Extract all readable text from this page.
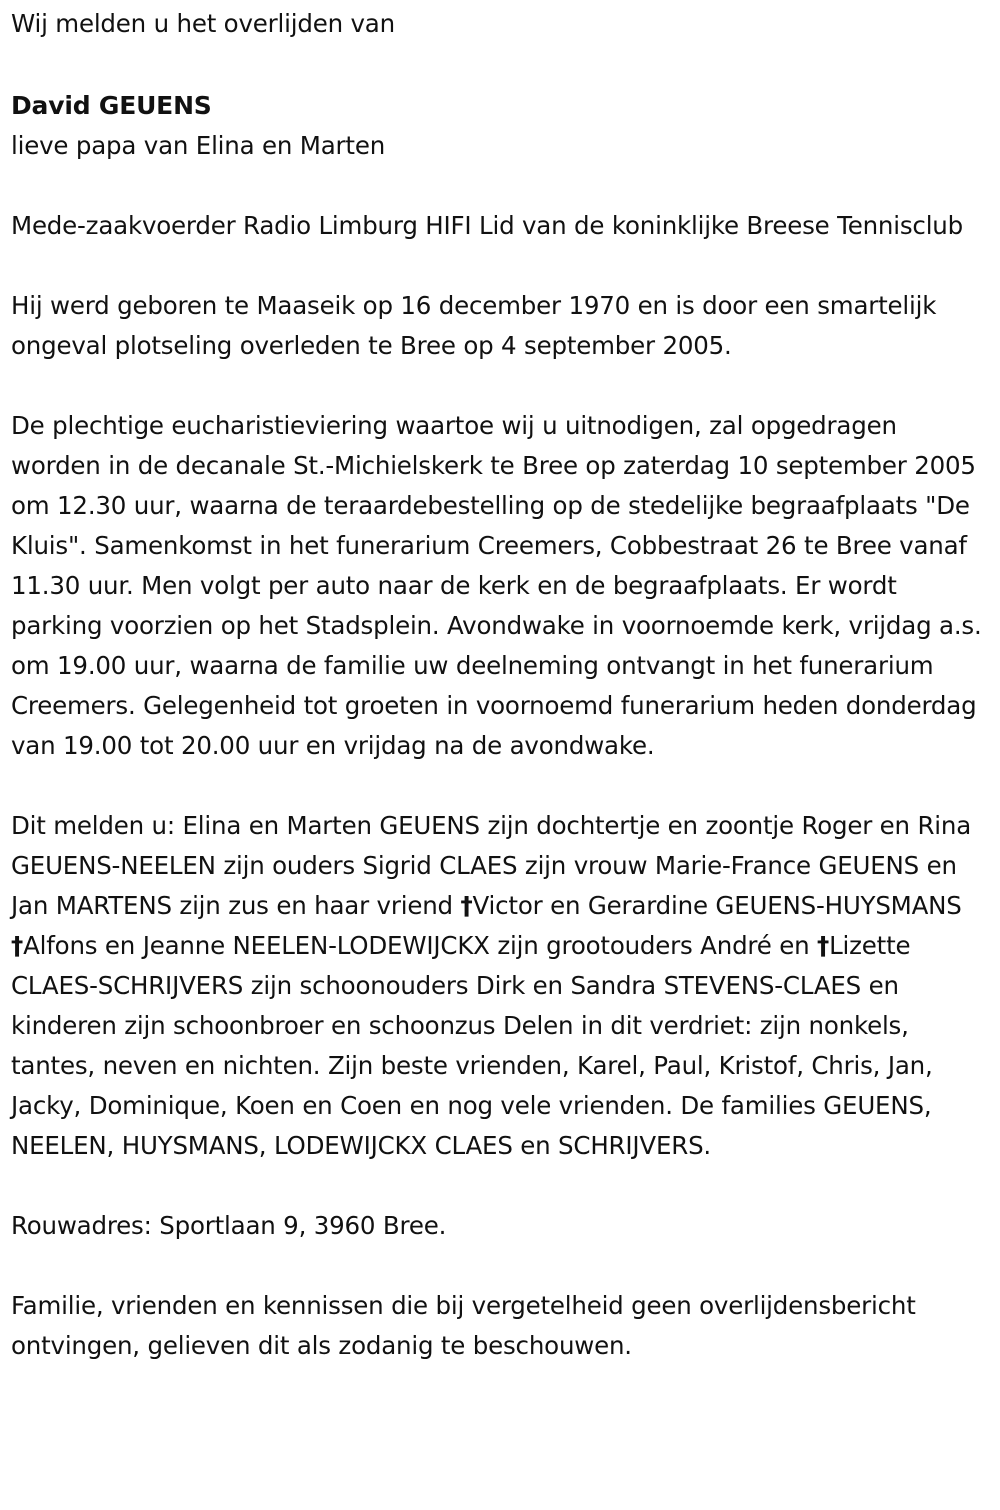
Wij melden u het overlijden van

David GEUENS

lieve papa van Elina en Marten

Mede-zaakvoerder Radio Limburg HIFI Lid van de koninklijke Breese Tennisclub

Hij werd geboren te Maaseik op 16 december 1970 en is door een smartelijk ongeval plotseling overleden te Bree op 4 september 2005.

De plechtige eucharistieviering waartoe wij u uitnodigen, zal opgedragen worden in de decanale St.-Michielskerk te Bree op zaterdag 10 september 2005 om 12.30 uur, waarna de teraardebestelling op de stedelijke begraafplaats "De Kluis". Samenkomst in het funerarium Creemers, Cobbestraat 26 te Bree vanaf 11.30 uur. Men volgt per auto naar de kerk en de begraafplaats. Er wordt parking voorzien op het Stadsplein. Avondwake in voornoemde kerk, vrijdag a.s. om 19.00 uur, waarna de familie uw deelneming ontvangt in het funerarium Creemers. Gelegenheid tot groeten in voornoemd funerarium heden donderdag van 19.00 tot 20.00 uur en vrijdag na de avondwake.

Dit melden u: Elina en Marten GEUENS zijn dochtertje en zoontje Roger en Rina GEUENS-NEELEN zijn ouders Sigrid CLAES zijn vrouw Marie-France GEUENS en Jan MARTENS zijn zus en haar vriend †Victor en Gerardine GEUENS-HUYSMANS †Alfons en Jeanne NEELEN-LODEWIJCKX zijn grootouders André en †Lizette CLAES-SCHRIJVERS zijn schoonouders Dirk en Sandra STEVENS-CLAES en kinderen zijn schoonbroer en schoonzus Delen in dit verdriet: zijn nonkels, tantes, neven en nichten. Zijn beste vrienden, Karel, Paul, Kristof, Chris, Jan, Jacky, Dominique, Koen en Coen en nog vele vrienden. De families GEUENS, NEELEN, HUYSMANS, LODEWIJCKX CLAES en SCHRIJVERS.

Rouwadres: Sportlaan 9, 3960 Bree.

Familie, vrienden en kennissen die bij vergetelheid geen overlijdensbericht ontvingen, gelieven dit als zodanig te beschouwen.
